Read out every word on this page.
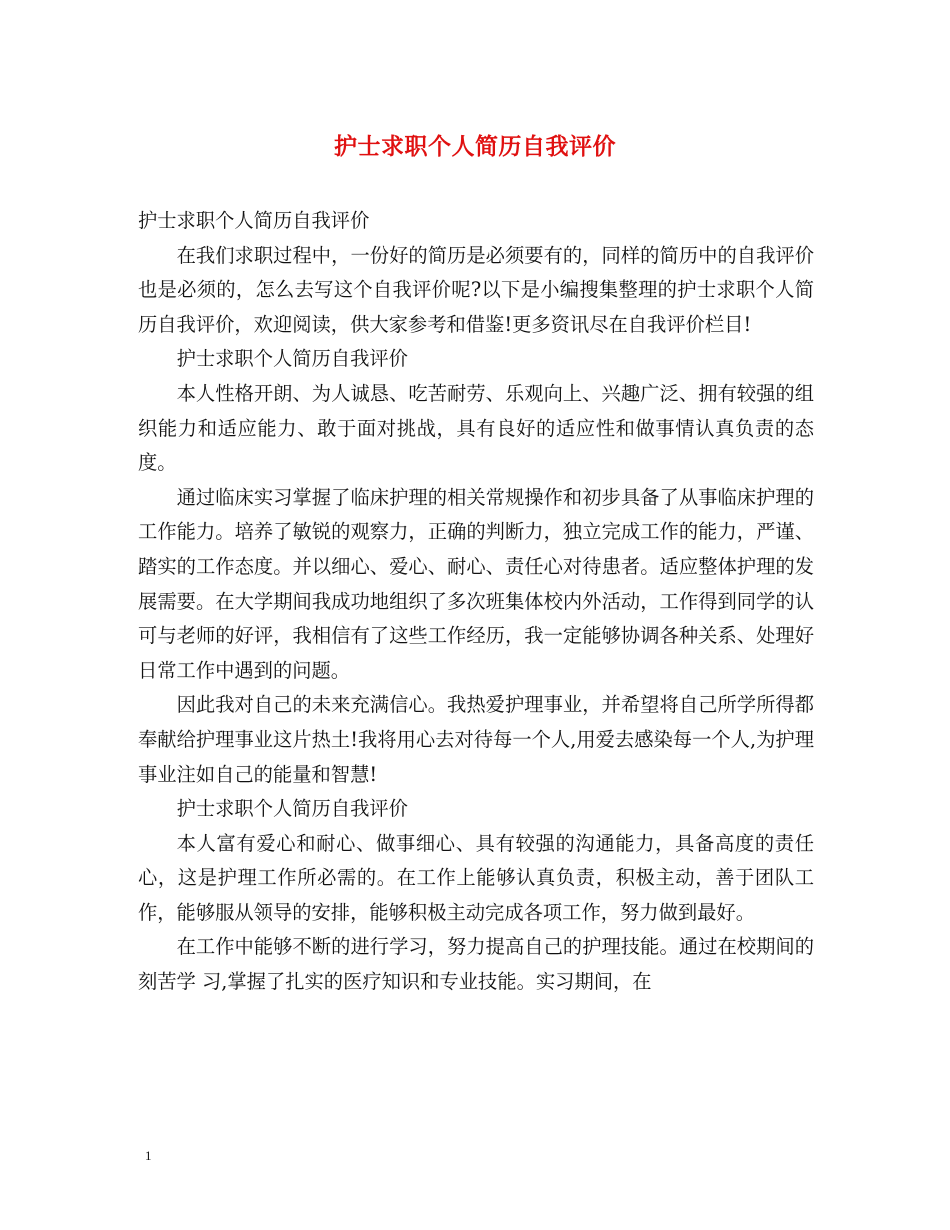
护士求职个人简历自我评价

护士求职个人简历自我评价

在我们求职过程中，一份好的简历是必须要有的，同样的简历中的自我评价也是必须的，怎么去写这个自我评价呢?以下是小编搜集整理的护士求职个人简历自我评价，欢迎阅读，供大家参考和借鉴!更多资讯尽在自我评价栏目!

护士求职个人简历自我评价

本人性格开朗、为人诚恳、吃苦耐劳、乐观向上、兴趣广泛、拥有较强的组织能力和适应能力、敢于面对挑战，具有良好的适应性和做事情认真负责的态度。

通过临床实习掌握了临床护理的相关常规操作和初步具备了从事临床护理的工作能力。培养了敏锐的观察力，正确的判断力，独立完成工作的能力，严谨、踏实的工作态度。并以细心、爱心、耐心、责任心对待患者。适应整体护理的发展需要。在大学期间我成功地组织了多次班集体校内外活动，工作得到同学的认可与老师的好评，我相信有了这些工作经历，我一定能够协调各种关系、处理好日常工作中遇到的问题。

因此我对自己的未来充满信心。我热爱护理事业，并希望将自己所学所得都奉献给护理事业这片热土!我将用心去对待每一个人,用爱去感染每一个人,为护理事业注如自己的能量和智慧!

护士求职个人简历自我评价

本人富有爱心和耐心、做事细心、具有较强的沟通能力，具备高度的责任 心，这是护理工作所必需的。在工作上能够认真负责，积极主动，善于团队工 作，能够服从领导的安排，能够积极主动完成各项工作，努力做到最好。

在工作中能够不断的进行学习，努力提高自己的护理技能。通过在校期间的刻苦学 习,掌握了扎实的医疗知识和专业技能。实习期间，在

1
